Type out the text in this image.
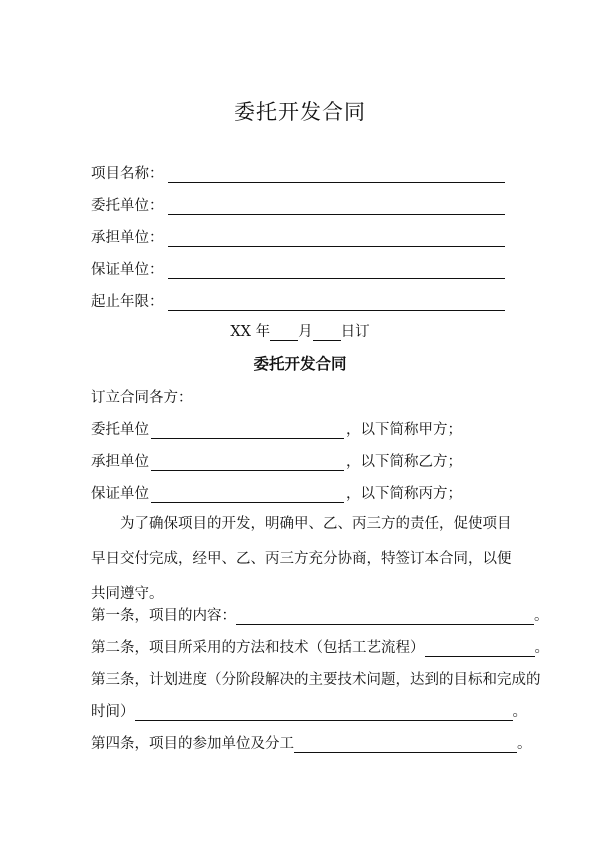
委托开发合同
项目名称：
委托单位：
承担单位：
保证单位：
起止年限：
XX 年 月 日订
委托开发合同
订立合同各方：
委托单位	，以下简称甲方；
承担单位	，以下简称乙方；
保证单位	，以下简称丙方；
为了确保项目的开发，明确甲、乙、丙三方的责任，促使项目早日交付完成，经甲、乙、丙三方充分协商，特签订本合同，以便共同遵守。
第一条，项目的内容：	。
第二条，项目所采用的方法和技术（包括工艺流程）	。
第三条，计划进度（分阶段解决的主要技术问题，达到的目标和完成的
时间）	。
第四条，项目的参加单位及分工	。
